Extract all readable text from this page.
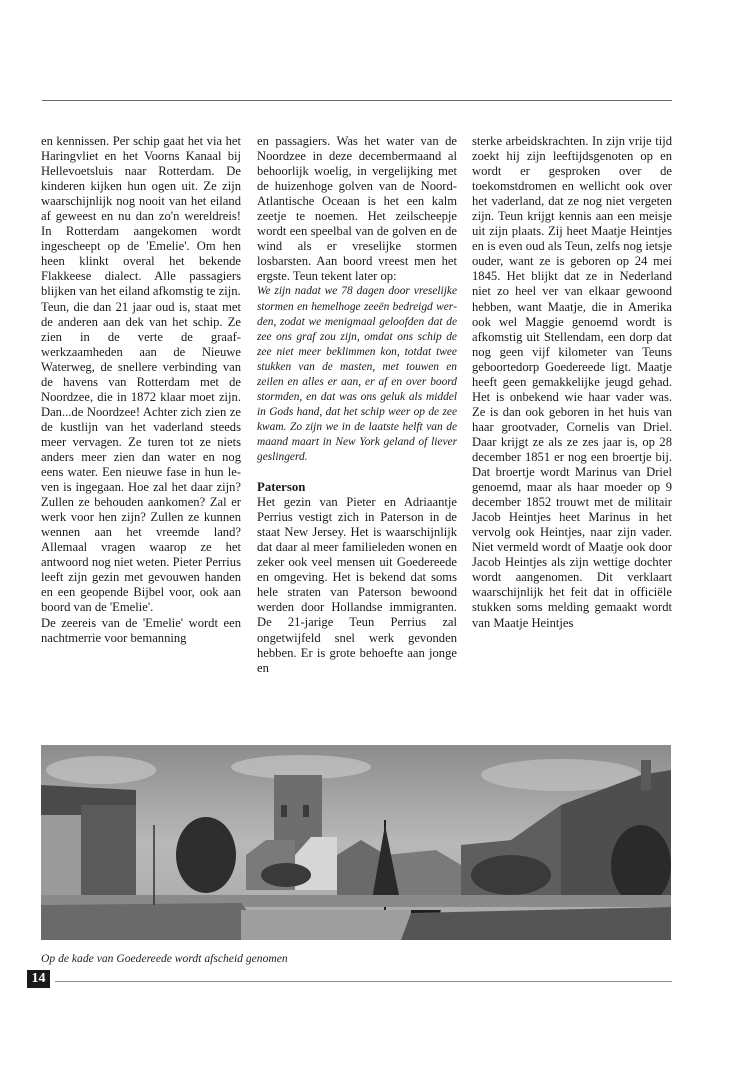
en kennissen. Per schip gaat het via het Haringvliet en het Voorns Kanaal bij Hellevoetsluis naar Rotterdam. De kinderen kijken hun ogen uit. Ze zijn waarschijnlijk nog nooit van het eiland af geweest en nu dan zo'n wereldreis! In Rotterdam aangekomen wordt ingescheept op de 'Emelie'. Om hen heen klinkt overal het bekende Flakkeese dialect. Alle passagiers blijken van het eiland afkomstig te zijn.

Teun, die dan 21 jaar oud is, staat met de anderen aan dek van het schip. Ze zien in de verte de graafwerkzaamheden aan de Nieuwe Waterweg, de snellere verbinding van de havens van Rotterdam met de Noordzee, die in 1872 klaar moet zijn. Dan...de Noordzee! Achter zich zien ze de kustlijn van het vaderland steeds meer vervagen. Ze turen tot ze niets anders meer zien dan water en nog eens water. Een nieuwe fase in hun leven is ingegaan. Hoe zal het daar zijn? Zullen ze behouden aankomen? Zal er werk voor hen zijn? Zullen ze kunnen wennen aan het vreemde land? Allemaal vragen waarop ze het antwoord nog niet weten. Pieter Perrius leeft zijn gezin met gevouwen handen en een geopende Bijbel voor, ook aan boord van de 'Emelie'.

De zeereis van de 'Emelie' wordt een nachtmerrie voor bemanning

en passagiers. Was het water van de Noordzee in deze decembermaand al behoorlijk woelig, in vergelijking met de huizenhoge golven van de Noord-Atlantische Oceaan is het een kalm zeetje te noemen. Het zeilscheepje wordt een speelbal van de golven en de wind als er vreselijke stormen losbarsten. Aan boord vreest men het ergste. Teun tekent later op:

We zijn nadat we 78 dagen door vreselijke stormen en hemelhoge zeeën bedreigd werden, zodat we menigmaal geloofden dat de zee ons graf zou zijn, omdat ons schip de zee niet meer beklimmen kon, totdat twee stukken van de masten, met touwen en zeilen en alles er aan, er af en over boord stormden, en dat was ons geluk als middel in Gods hand, dat het schip weer op de zee kwam. Zo zijn we in de laatste helft van de maand maart in New York geland of liever geslingerd.

Paterson

Het gezin van Pieter en Adriaantje Perrius vestigt zich in Paterson in de staat New Jersey. Het is waarschijnlijk dat daar al meer familieleden wonen en zeker ook veel mensen uit Goedereede en omgeving. Het is bekend dat soms hele straten van Paterson bewoond werden door Hollandse immigranten. De 21-jarige Teun Perrius zal ongetwijfeld snel werk gevonden hebben. Er is grote behoefte aan jonge en

sterke arbeidskrachten. In zijn vrije tijd zoekt hij zijn leeftijdsgenoten op en wordt er gesproken over de toekomstdromen en wellicht ook over het vaderland, dat ze nog niet vergeten zijn. Teun krijgt kennis aan een meisje uit zijn plaats. Zij heet Maatje Heintjes en is even oud als Teun, zelfs nog ietsje ouder, want ze is geboren op 24 mei 1845. Het blijkt dat ze in Nederland niet zo heel ver van elkaar gewoond hebben, want Maatje, die in Amerika ook wel Maggie genoemd wordt is afkomstig uit Stellendam, een dorp dat nog geen vijf kilometer van Teuns geboortedorp Goedereede ligt. Maatje heeft geen gemakkelijke jeugd gehad. Het is onbekend wie haar vader was. Ze is dan ook geboren in het huis van haar grootvader, Cornelis van Driel. Daar krijgt ze als ze zes jaar is, op 28 december 1851 er nog een broertje bij. Dat broertje wordt Marinus van Driel genoemd, maar als haar moeder op 9 december 1852 trouwt met de militair Jacob Heintjes heet Marinus in het vervolg ook Heintjes, naar zijn vader. Niet vermeld wordt of Maatje ook door Jacob Heintjes als zijn wettige dochter wordt aangenomen. Dit verklaart waarschijnlijk het feit dat in officiële stukken soms melding gemaakt wordt van Maatje Heintjes

Op de kade van Goedereede wordt afscheid genomen
14
